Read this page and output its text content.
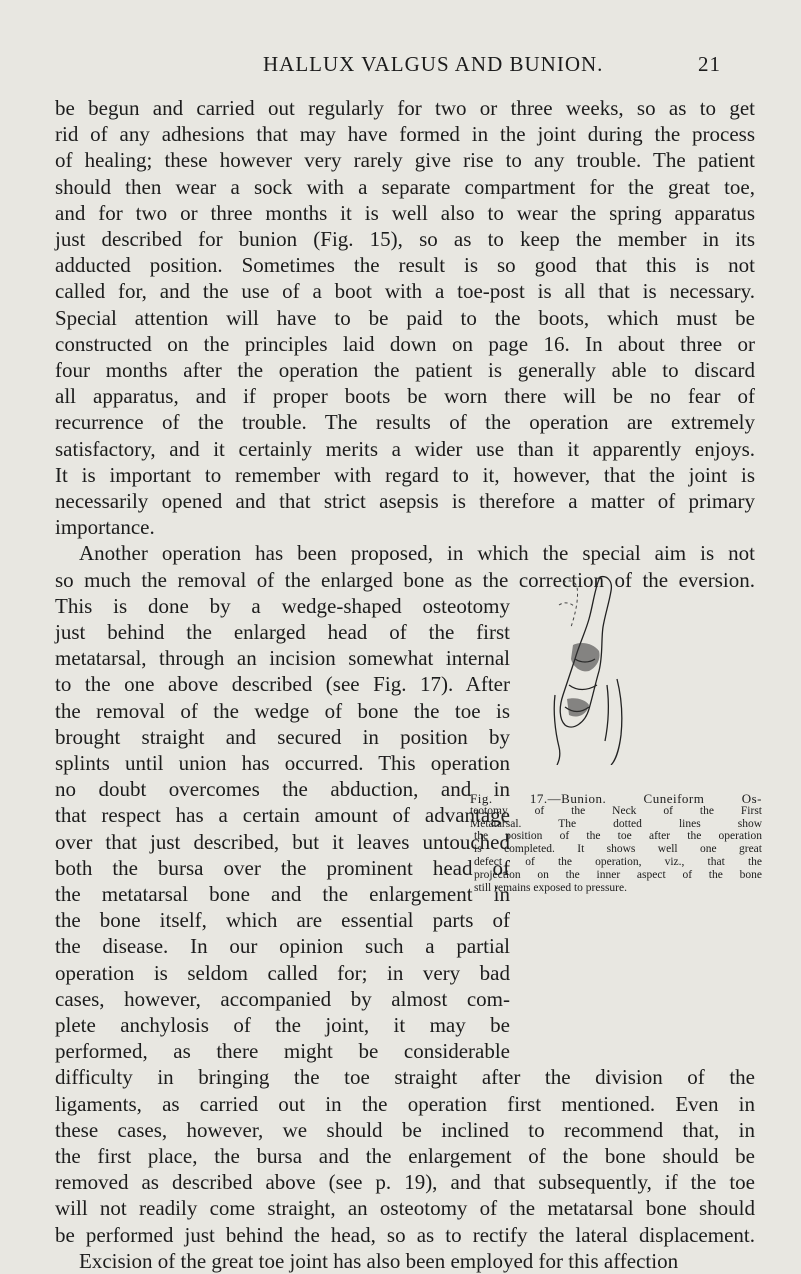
HALLUX VALGUS AND BUNION.	21
be begun and carried out regularly for two or three weeks, so as to get
rid of any adhesions that may have formed in the joint during the process
of healing; these however very rarely give rise to any trouble. The patient
should then wear a sock with a separate compartment for the great toe,
and for two or three months it is well also to wear the spring apparatus
just described for bunion (Fig. 15), so as to keep the member in its
adducted position. Sometimes the result is so good that this is not
called for, and the use of a boot with a toe-post is all that is necessary.
Special attention will have to be paid to the boots, which must be
constructed on the principles laid down on page 16. In about three or
four months after the operation the patient is generally able to discard
all apparatus, and if proper boots be worn there will be no fear of
recurrence of the trouble. The results of the operation are extremely
satisfactory, and it certainly merits a wider use than it apparently enjoys.
It is important to remember with regard to it, however, that the joint is
necessarily opened and that strict asepsis is therefore a matter of primary
importance.
Another operation has been proposed, in which the special aim is not
so much the removal of the enlarged bone as the correction of the eversion.
This is done by a wedge-shaped osteotomy
just behind the enlarged head of the first
metatarsal, through an incision somewhat internal
to the one above described (see Fig. 17). After
the removal of the wedge of bone the toe is
brought straight and secured in position by
splints until union has occurred. This operation
no doubt overcomes the abduction, and in
that respect has a certain amount of advantage
over that just described, but it leaves untouched
both the bursa over the prominent head of
the metatarsal bone and the enlargement in
the bone itself, which are essential parts of
the disease. In our opinion such a partial
operation is seldom called for; in very bad
cases, however, accompanied by almost com-
plete anchylosis of the joint, it may be
performed, as there might be considerable
difficulty in bringing the toe straight after the division of the
ligaments, as carried out in the operation first mentioned. Even in
these cases, however, we should be inclined to recommend that, in
the first place, the bursa and the enlargement of the bone should be
removed as described above (see p. 19), and that subsequently, if the toe
will not readily come straight, an osteotomy of the metatarsal bone should
be performed just behind the head, so as to rectify the lateral displacement.
Excision of the great toe joint has also been employed for this affection
Fig. 17.—Bunion. Cuneiform Os-
teotomy of the Neck of the First
Metatarsal. The dotted lines show
the position of the toe after the operation
is completed. It shows well one great
defect of the operation, viz., that the
projection on the inner aspect of the bone
still remains exposed to pressure.
